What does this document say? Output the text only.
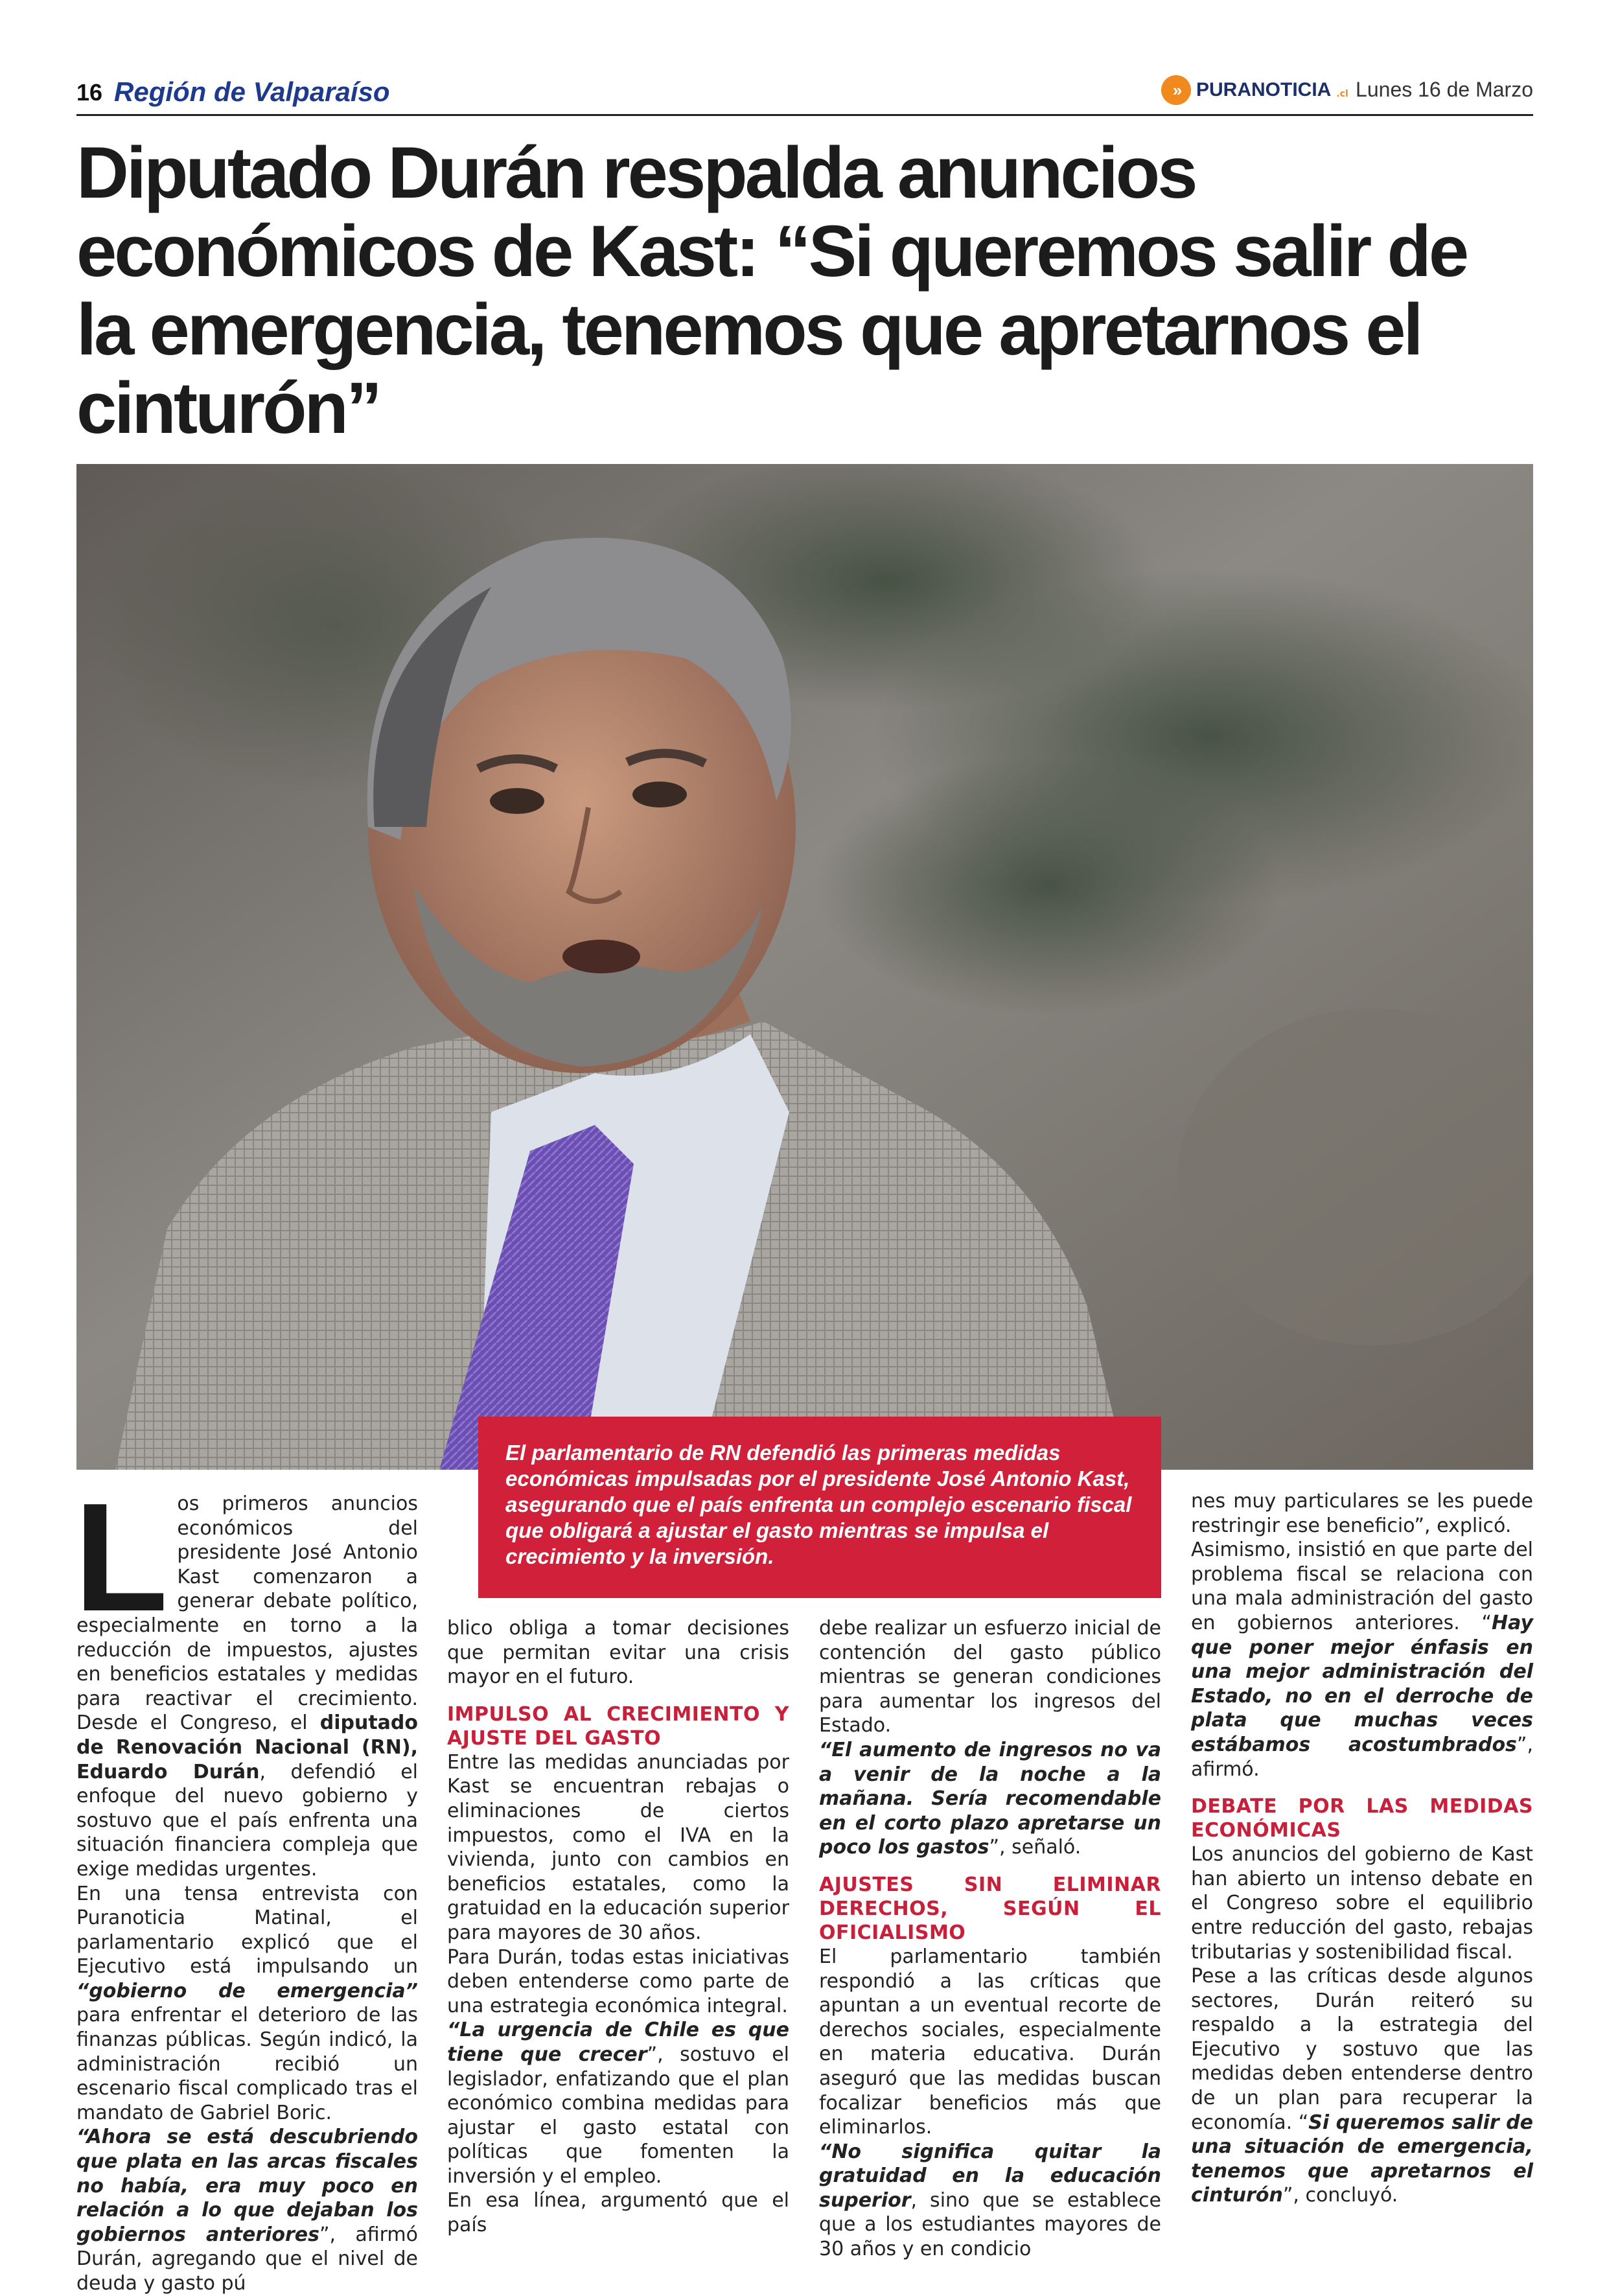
16 Región de Valparaíso	» PURANOTICIA .cl Lunes 16 de Marzo
Diputado Durán respalda anuncios económicos de Kast: “Si queremos salir de la emergencia, tenemos que apretarnos el cinturón”
El parlamentario de RN defendió las primeras medidas económicas impulsadas por el presidente José Antonio Kast, asegurando que el país enfrenta un complejo escenario fiscal que obligará a ajustar el gasto mientras se impulsa el crecimiento y la inversión.

Los primeros anuncios económicos del presidente José Antonio Kast comenzaron a generar debate político, especialmente en torno a la reducción de impuestos, ajustes en beneficios estatales y medidas para reactivar el crecimiento. Desde el Congreso, el diputado de Renovación Nacional (RN), Eduardo Durán, defendió el enfoque del nuevo gobierno y sostuvo que el país enfrenta una situación financiera compleja que exige medidas urgentes.

En una tensa entrevista con Puranoticia Matinal, el parlamentario explicó que el Ejecutivo está impulsando un “gobierno de emergencia” para enfrentar el deterioro de las finanzas públicas. Según indicó, la administración recibió un escenario fiscal complicado tras el mandato de Gabriel Boric.

“Ahora se está descubriendo que plata en las arcas fiscales no había, era muy poco en relación a lo que dejaban los gobiernos anteriores”, afirmó Durán, agregando que el nivel de deuda y gasto pú

blico obliga a tomar decisiones que permitan evitar una crisis mayor en el futuro.

IMPULSO AL CRECIMIENTO Y AJUSTE DEL GASTO

Entre las medidas anunciadas por Kast se encuentran rebajas o eliminaciones de ciertos impuestos, como el IVA en la vivienda, junto con cambios en beneficios estatales, como la gratuidad en la educación superior para mayores de 30 años.

Para Durán, todas estas iniciativas deben entenderse como parte de una estrategia económica integral.

“La urgencia de Chile es que tiene que crecer”, sostuvo el legislador, enfatizando que el plan económico combina medidas para ajustar el gasto estatal con políticas que fomenten la inversión y el empleo.

En esa línea, argumentó que el país

debe realizar un esfuerzo inicial de contención del gasto público mientras se generan condiciones para aumentar los ingresos del Estado.

“El aumento de ingresos no va a venir de la noche a la mañana. Sería recomendable en el corto plazo apretarse un poco los gastos”, señaló.

AJUSTES SIN ELIMINAR DERECHOS, SEGÚN EL OFICIALISMO

El parlamentario también respondió a las críticas que apuntan a un eventual recorte de derechos sociales, especialmente en materia educativa. Durán aseguró que las medidas buscan focalizar beneficios más que eliminarlos.

“No significa quitar la gratuidad en la educación superior, sino que se establece que a los estudiantes mayores de 30 años y en condicio

nes muy particulares se les puede restringir ese beneficio”, explicó.

Asimismo, insistió en que parte del problema fiscal se relaciona con una mala administración del gasto en gobiernos anteriores. “Hay que poner mejor énfasis en una mejor administración del Estado, no en el derroche de plata que muchas veces estábamos acostumbrados”, afirmó.

DEBATE POR LAS MEDIDAS ECONÓMICAS

Los anuncios del gobierno de Kast han abierto un intenso debate en el Congreso sobre el equilibrio entre reducción del gasto, rebajas tributarias y sostenibilidad fiscal.

Pese a las críticas desde algunos sectores, Durán reiteró su respaldo a la estrategia del Ejecutivo y sostuvo que las medidas deben entenderse dentro de un plan para recuperar la economía. “Si queremos salir de una situación de emergencia, tenemos que apretarnos el cinturón”, concluyó.
